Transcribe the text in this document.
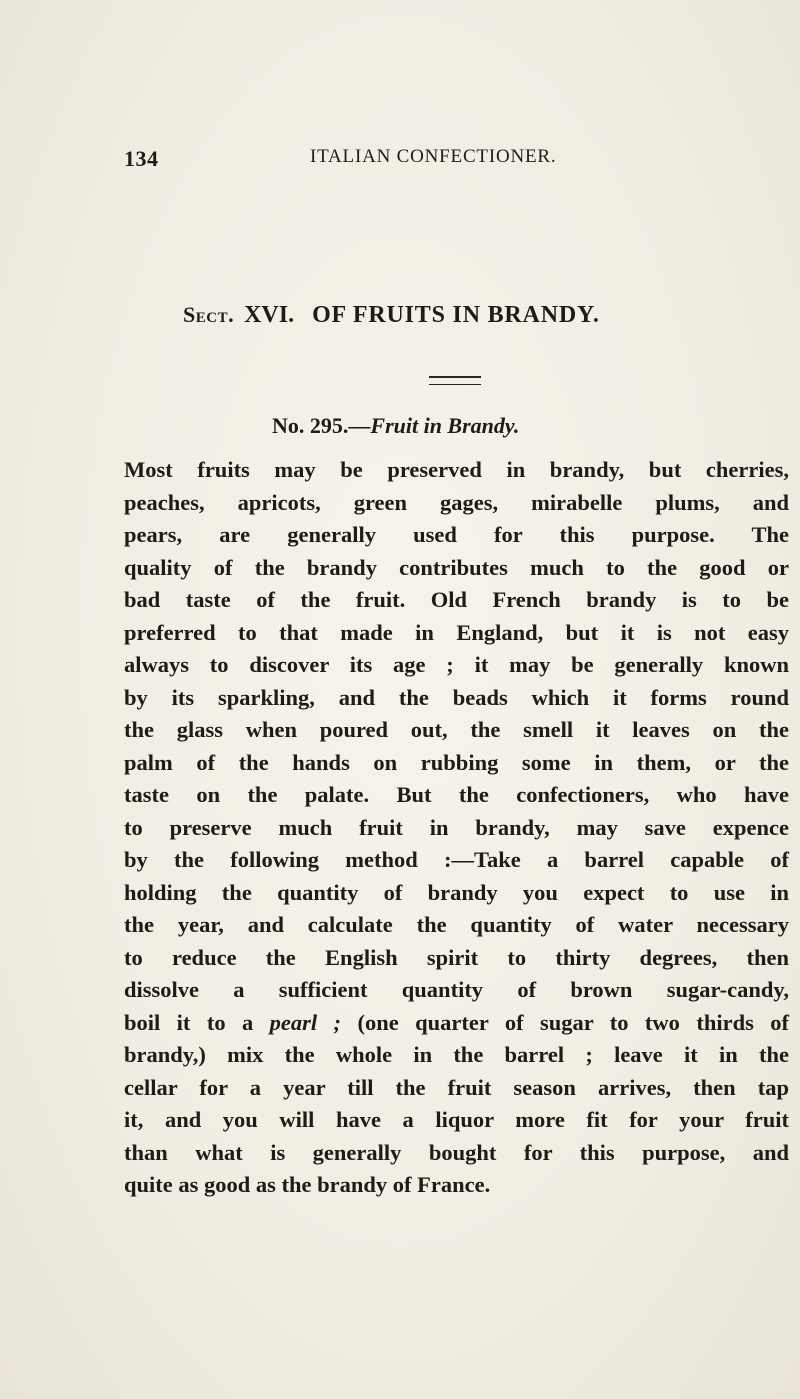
134	ITALIAN CONFECTIONER.
Sect. XVI. OF FRUITS IN BRANDY.
No. 295.—Fruit in Brandy.
Most fruits may be preserved in brandy, but cherries,
peaches, apricots, green gages, mirabelle plums, and
pears, are generally used for this purpose. The
quality of the brandy contributes much to the good or
bad taste of the fruit. Old French brandy is to be
preferred to that made in England, but it is not easy
always to discover its age ; it may be generally known
by its sparkling, and the beads which it forms round
the glass when poured out, the smell it leaves on the
palm of the hands on rubbing some in them, or the
taste on the palate. But the confectioners, who have
to preserve much fruit in brandy, may save expence
by the following method :—Take a barrel capable of
holding the quantity of brandy you expect to use in
the year, and calculate the quantity of water necessary
to reduce the English spirit to thirty degrees, then
dissolve a sufficient quantity of brown sugar-candy,
boil it to a pearl ; (one quarter of sugar to two thirds of
brandy,) mix the whole in the barrel ; leave it in the
cellar for a year till the fruit season arrives, then tap
it, and you will have a liquor more fit for your fruit
than what is generally bought for this purpose, and
quite as good as the brandy of France.
